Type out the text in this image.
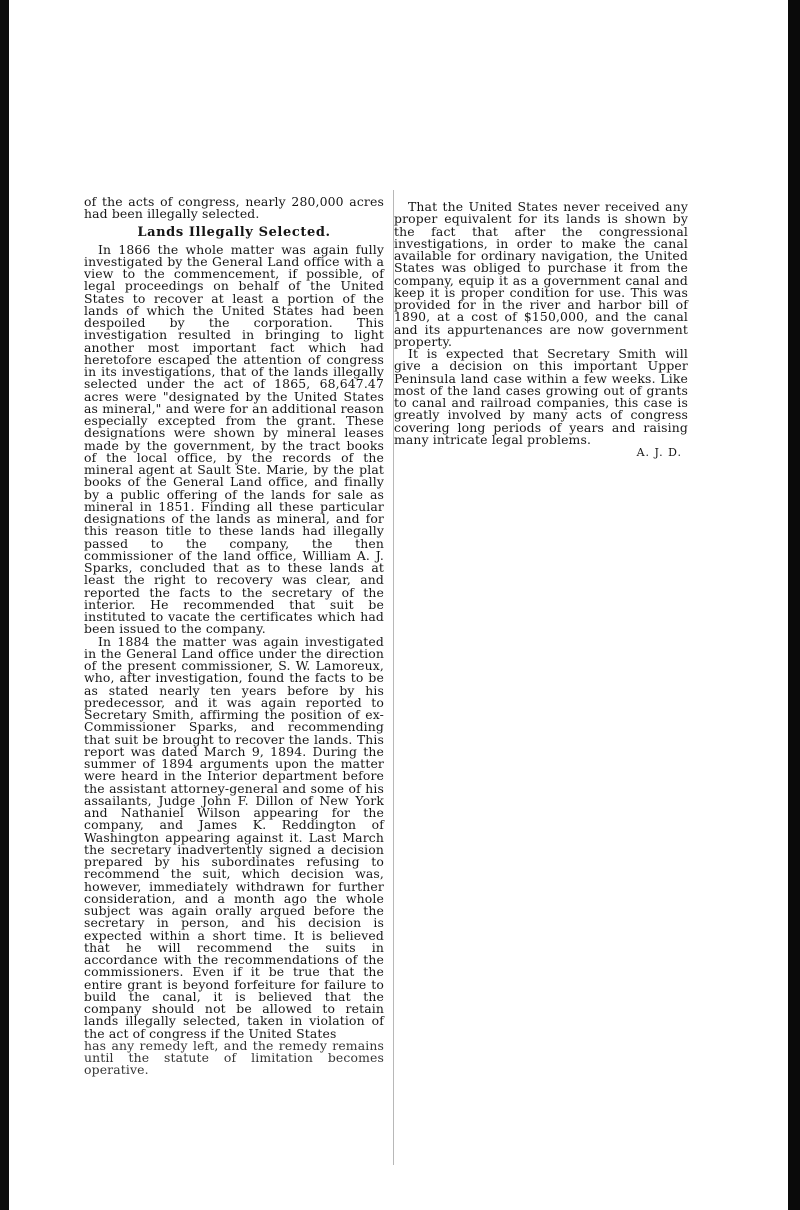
of the acts of congress, nearly 280,000 acres had been illegally selected.

Lands Illegally Selected.

In 1866 the whole matter was again fully investigated by the General Land office with a view to the commencement, if possible, of legal proceedings on behalf of the United States to recover at least a portion of the lands of which the United States had been despoiled by the corporation. This investigation resulted in bringing to light another most important fact which had heretofore escaped the attention of congress in its investigations, that of the lands illegally selected under the act of 1865, 68,647.47 acres were "designated by the United States as mineral," and were for an additional reason especially excepted from the grant. These designations were shown by mineral leases made by the government, by the tract books of the local office, by the records of the mineral agent at Sault Ste. Marie, by the plat books of the General Land office, and finally by a public offering of the lands for sale as mineral in 1851. Finding all these particular designations of the lands as mineral, and for this reason title to these lands had illegally passed to the company, the then commissioner of the land office, William A. J. Sparks, concluded that as to these lands at least the right to recovery was clear, and reported the facts to the secretary of the interior. He recommended that suit be instituted to vacate the certificates which had been issued to the company.

In 1884 the matter was again investigated in the General Land office under the direction of the present commissioner, S. W. Lamoreux, who, after investigation, found the facts to be as stated nearly ten years before by his predecessor, and it was again reported to Secretary Smith, affirming the position of ex-Commissioner Sparks, and recommending that suit be brought to recover the lands. This report was dated March 9, 1894. During the summer of 1894 arguments upon the matter were heard in the Interior department before the assistant attorney-general and some of his assailants, Judge John F. Dillon of New York and Nathaniel Wilson appearing for the company, and James K. Reddington of Washington appearing against it. Last March the secretary inadvertently signed a decision prepared by his subordinates refusing to recommend the suit, which decision was, however, immediately withdrawn for further consideration, and a month ago the whole subject was again orally argued before the secretary in person, and his decision is expected within a short time. It is believed that he will recommend the suits in accordance with the recommendations of the commissioners. Even if it be true that the entire grant is beyond forfeiture for failure to build the canal, it is believed that the company should not be allowed to retain lands illegally selected, taken in violation of the act of congress if the United States

has any remedy left, and the remedy remains until the statute of limitation becomes operative.

That the United States never received any proper equivalent for its lands is shown by the fact that after the congressional investigations, in order to make the canal available for ordinary navigation, the United States was obliged to purchase it from the company, equip it as a government canal and keep it is proper condition for use. This was provided for in the river and harbor bill of 1890, at a cost of $150,000, and the canal and its appurtenances are now government property.

It is expected that Secretary Smith will give a decision on this important Upper Peninsula land case within a few weeks. Like most of the land cases growing out of grants to canal and railroad companies, this case is greatly involved by many acts of congress covering long periods of years and raising many intricate legal problems.

A. J. D.
